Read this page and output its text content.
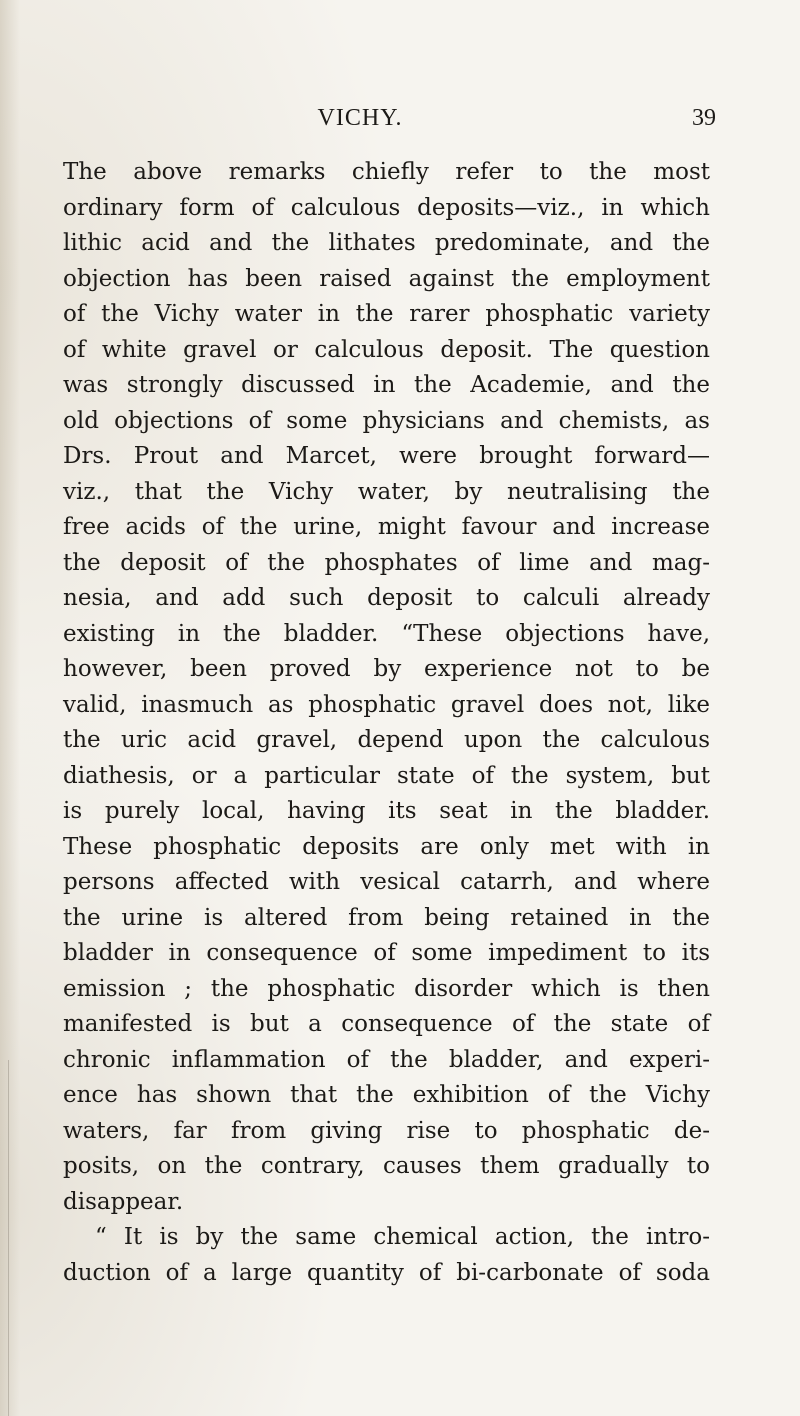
VICHY.	39
The above remarks chiefly refer to the most
ordinary form of calculous deposits—viz., in which
lithic acid and the lithates predominate, and the
objection has been raised against the employment
of the Vichy water in the rarer phosphatic variety
of white gravel or calculous deposit. The question
was strongly discussed in the Academie, and the
old objections of some physicians and chemists, as
Drs. Prout and Marcet, were brought forward—
viz., that the Vichy water, by neutralising the
free acids of the urine, might favour and increase
the deposit of the phosphates of lime and mag-
nesia, and add such deposit to calculi already
existing in the bladder. “These objections have,
however, been proved by experience not to be
valid, inasmuch as phosphatic gravel does not, like
the uric acid gravel, depend upon the calculous
diathesis, or a particular state of the system, but
is purely local, having its seat in the bladder.
These phosphatic deposits are only met with in
persons affected with vesical catarrh, and where
the urine is altered from being retained in the
bladder in consequence of some impediment to its
emission ; the phosphatic disorder which is then
manifested is but a consequence of the state of
chronic inflammation of the bladder, and experi-
ence has shown that the exhibition of the Vichy
waters, far from giving rise to phosphatic de-
posits, on the contrary, causes them gradually to
disappear.
“ It is by the same chemical action, the intro-
duction of a large quantity of bi-carbonate of soda
